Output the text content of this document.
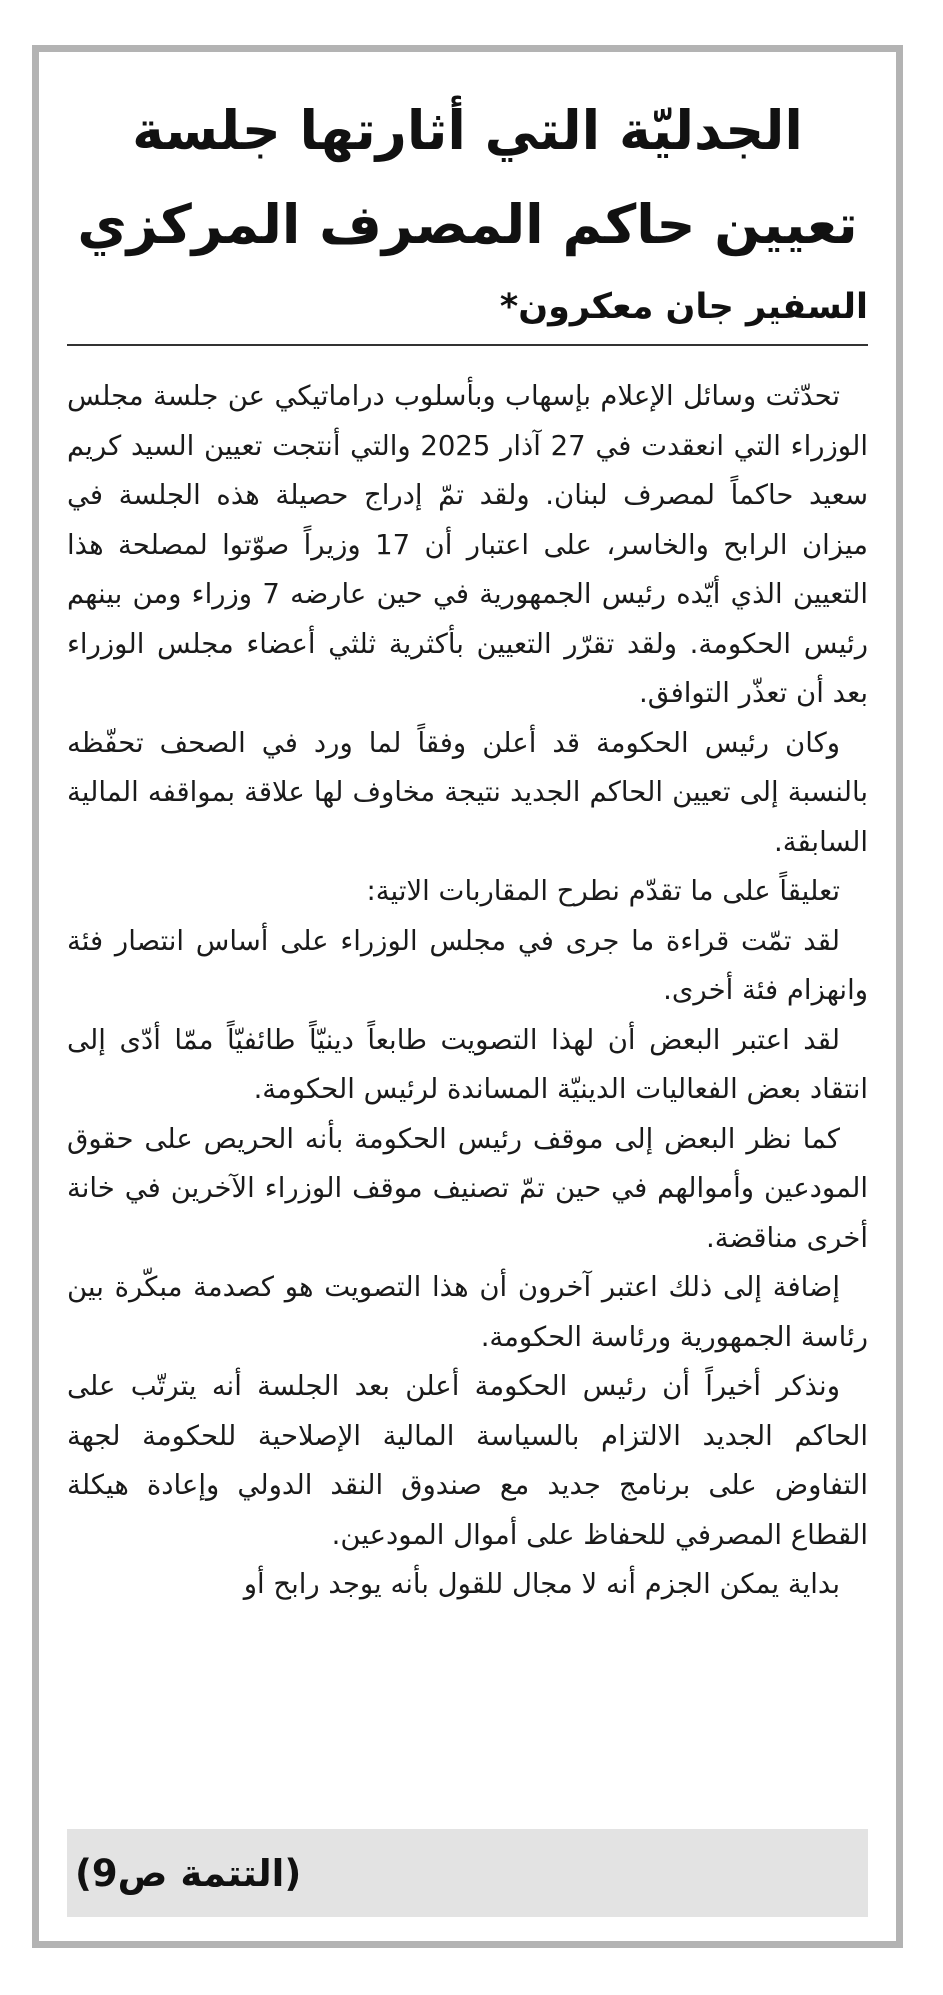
الجدليّة التي أثارتها جلسة
تعيين حاكم المصرف المركزي

السفير جان معكرون*

تحدّثت وسائل الإعلام بإسهاب وبأسلوب دراماتيكي عن جلسة مجلس الوزراء التي انعقدت في 27 آذار 2025 والتي أنتجت تعيين السيد كريم سعيد حاكماً لمصرف لبنان. ولقد تمّ إدراج حصيلة هذه الجلسة في ميزان الرابح والخاسر، على اعتبار أن 17 وزيراً صوّتوا لمصلحة هذا التعيين الذي أيّده رئيس الجمهورية في حين عارضه 7 وزراء ومن بينهم رئيس الحكومة. ولقد تقرّر التعيين بأكثرية ثلثي أعضاء مجلس الوزراء بعد أن تعذّر التوافق.

وكان رئيس الحكومة قد أعلن وفقاً لما ورد في الصحف تحفّظه بالنسبة إلى تعيين الحاكم الجديد نتيجة مخاوف لها علاقة بمواقفه المالية السابقة.

تعليقاً على ما تقدّم نطرح المقاربات الاتية:

لقد تمّت قراءة ما جرى في مجلس الوزراء على أساس انتصار فئة وانهزام فئة أخرى.

لقد اعتبر البعض أن لهذا التصويت طابعاً دينيّاً طائفيّاً ممّا أدّى إلى انتقاد بعض الفعاليات الدينيّة المساندة لرئيس الحكومة.

كما نظر البعض إلى موقف رئيس الحكومة بأنه الحريص على حقوق المودعين وأموالهم في حين تمّ تصنيف موقف الوزراء الآخرين في خانة أخرى مناقضة.

إضافة إلى ذلك اعتبر آخرون أن هذا التصويت هو كصدمة مبكّرة بين رئاسة الجمهورية ورئاسة الحكومة.

ونذكر أخيراً أن رئيس الحكومة أعلن بعد الجلسة أنه يترتّب على الحاكم الجديد الالتزام بالسياسة المالية الإصلاحية للحكومة لجهة التفاوض على برنامج جديد مع صندوق النقد الدولي وإعادة هيكلة القطاع المصرفي للحفاظ على أموال المودعين.

بداية يمكن الجزم أنه لا مجال للقول بأنه يوجد رابح أو

(التتمة ص9)
